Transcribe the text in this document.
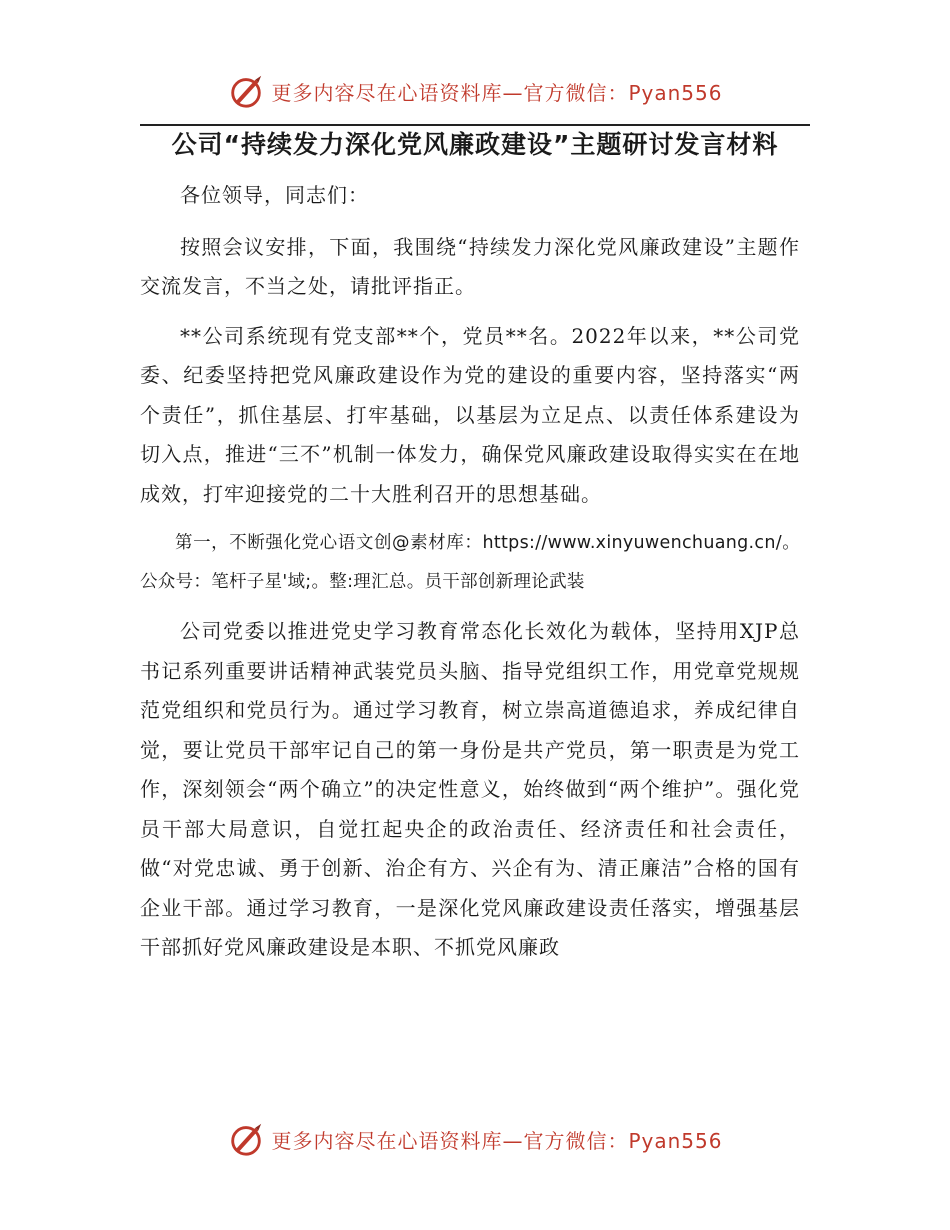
更多内容尽在心语资料库—官方微信：Pyan556
公司“持续发力深化党风廉政建设”主题研讨发言材料

各位领导，同志们：

按照会议安排，下面，我围绕“持续发力深化党风廉政建设”主题作交流发言，不当之处，请批评指正。

**公司系统现有党支部**个，党员**名。2022年以来，**公司党委、纪委坚持把党风廉政建设作为党的建设的重要内容，坚持落实“两个责任”，抓住基层、打牢基础，以基层为立足点、以责任体系建设为切入点，推进“三不”机制一体发力，确保党风廉政建设取得实实在在地成效，打牢迎接党的二十大胜利召开的思想基础。

第一，不断强化党心语文创@素材库：https://www.xinyuwenchuang.cn/。公众号：笔杆子星'域;。整:理汇总。员干部创新理论武装

公司党委以推进党史学习教育常态化长效化为载体，坚持用XJP总书记系列重要讲话精神武装党员头脑、指导党组织工作，用党章党规规范党组织和党员行为。通过学习教育，树立崇高道德追求，养成纪律自觉，要让党员干部牢记自己的第一身份是共产党员，第一职责是为党工作，深刻领会“两个确立”的决定性意义，始终做到“两个维护”。强化党员干部大局意识，自觉扛起央企的政治责任、经济责任和社会责任，做“对党忠诚、勇于创新、治企有方、兴企有为、清正廉洁”合格的国有企业干部。通过学习教育，一是深化党风廉政建设责任落实，增强基层干部抓好党风廉政建设是本职、不抓党风廉政

更多内容尽在心语资料库—官方微信：Pyan556
